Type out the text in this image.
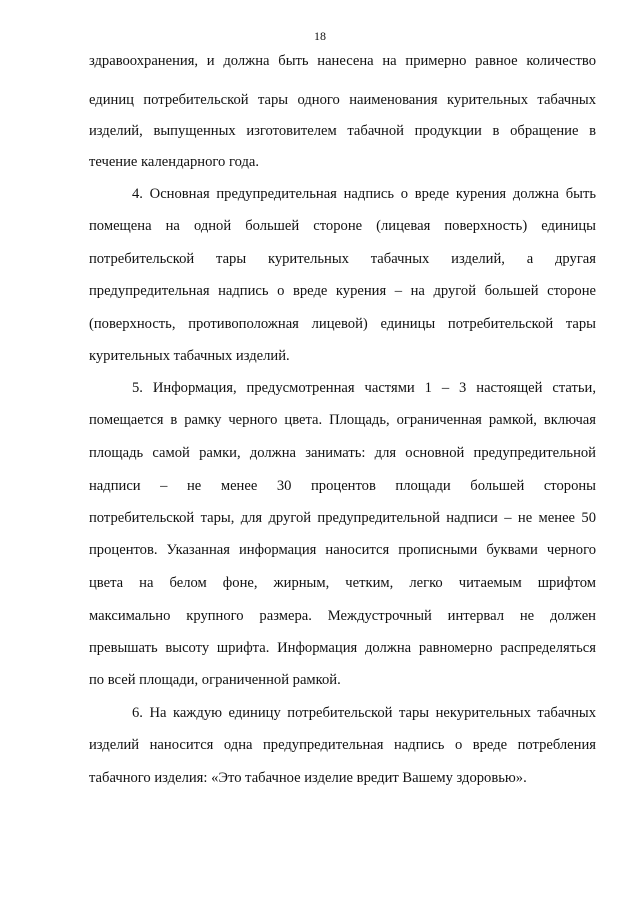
18
здравоохранения, и должна быть нанесена на примерно равное количество
единиц потребительской тары одного наименования курительных табачных
изделий, выпущенных изготовителем табачной продукции в обращение в
течение календарного года.
4. Основная предупредительная надпись о вреде курения должна быть
помещена на одной большей стороне (лицевая поверхность) единицы
потребительской тары курительных табачных изделий, а другая
предупредительная надпись о вреде курения – на другой большей стороне
(поверхность, противоположная лицевой) единицы потребительской тары
курительных табачных изделий.
5. Информация, предусмотренная частями 1 – 3 настоящей статьи,
помещается в рамку черного цвета. Площадь, ограниченная рамкой, включая
площадь самой рамки, должна занимать: для основной предупредительной
надписи – не менее 30 процентов площади большей стороны
потребительской тары, для другой предупредительной надписи – не менее 50
процентов. Указанная информация наносится прописными буквами черного
цвета на белом фоне, жирным, четким, легко читаемым шрифтом
максимально крупного размера. Междустрочный интервал не должен
превышать высоту шрифта. Информация должна равномерно распределяться
по всей площади, ограниченной рамкой.
6. На каждую единицу потребительской тары некурительных табачных
изделий наносится одна предупредительная надпись о вреде потребления
табачного изделия: «Это табачное изделие вредит Вашему здоровью».
